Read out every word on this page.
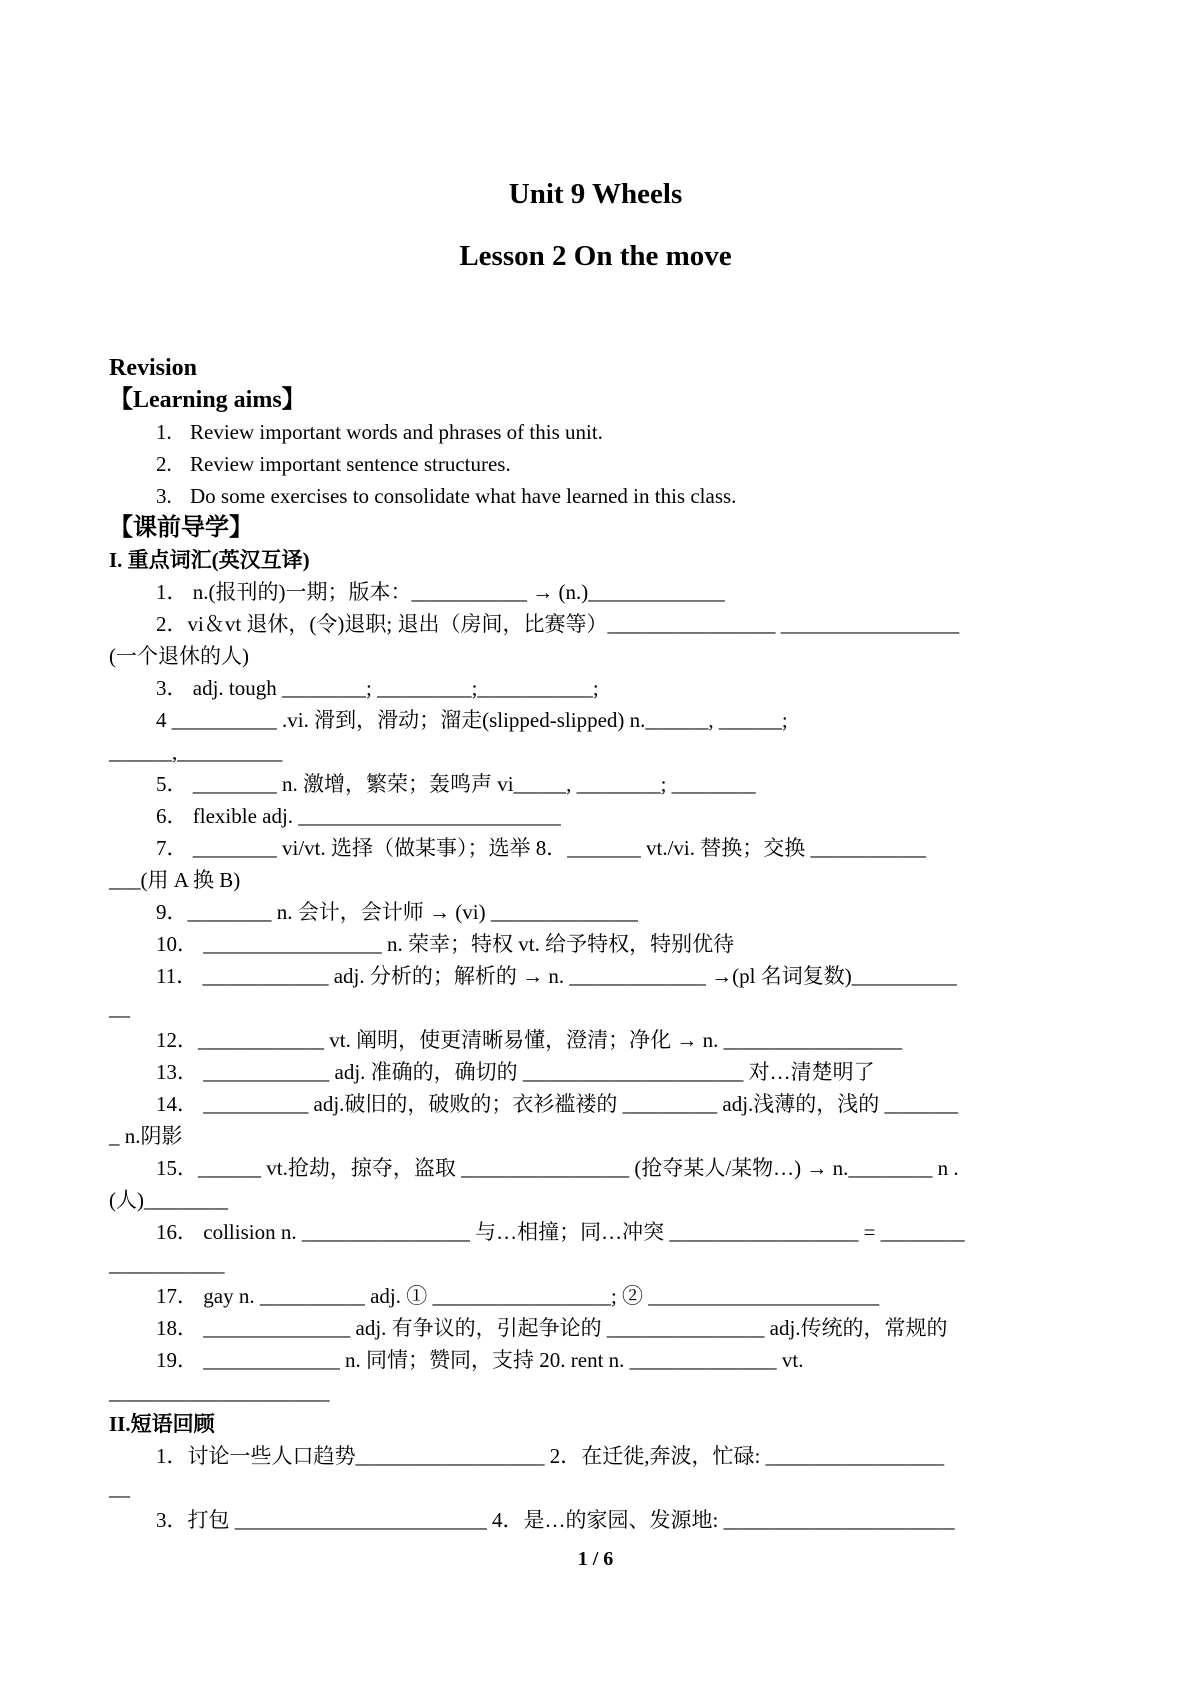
Unit 9 Wheels
Lesson 2 On the move
Revision
【Learning aims】
1. Review important words and phrases of this unit.
2. Review important sentence structures.
3. Do some exercises to consolidate what have learned in this class.
【课前导学】
I. 重点词汇(英汉互译)
1． n.(报刊的)一期；版本：___________ → (n.)_____________
2．vi＆vt 退休，(令)退职; 退出（房间，比赛等）________________ _________________
(一个退休的人)
3． adj. tough ________; _________;___________;
4 __________ .vi. 滑到，滑动；溜走(slipped-slipped) n.______, ______;
______,__________
5． ________ n. 激增，繁荣；轰鸣声 vi_____, ________; ________
6． flexible adj. _________________________
7． ________ vi/vt. 选择（做某事）；选举 8．_______ vt./vi. 替换；交换 ___________
___(用 A 换 B)
9．________ n. 会计，会计师 → (vi) ______________
10． _________________ n. 荣幸；特权 vt. 给予特权，特别优待
11． ____________ adj. 分析的；解析的 → n. _____________ →(pl 名词复数)__________
__
12．____________ vt. 阐明，使更清晰易懂，澄清；净化 → n. _________________
13． ____________ adj. 准确的，确切的 _____________________ 对…清楚明了
14． __________ adj.破旧的，破败的；衣衫褴褛的 _________ adj.浅薄的，浅的 _______
_ n.阴影
15．______ vt.抢劫，掠夺，盗取 ________________ (抢夺某人/某物…) → n.________ n .
(人)________
16． collision n. ________________ 与…相撞；同…冲突 __________________ = ________
___________
17． gay n. __________ adj. ① _________________; ② ______________________
18． ______________ adj. 有争议的，引起争论的 _______________ adj.传统的，常规的
19． _____________ n. 同情；赞同，支持 20. rent n. ______________ vt.
_____________________
II.短语回顾
1．讨论一些人口趋势__________________ 2．在迁徙,奔波，忙碌: _________________
__
3．打包 ________________________ 4．是…的家园、发源地: ______________________
1 / 6
